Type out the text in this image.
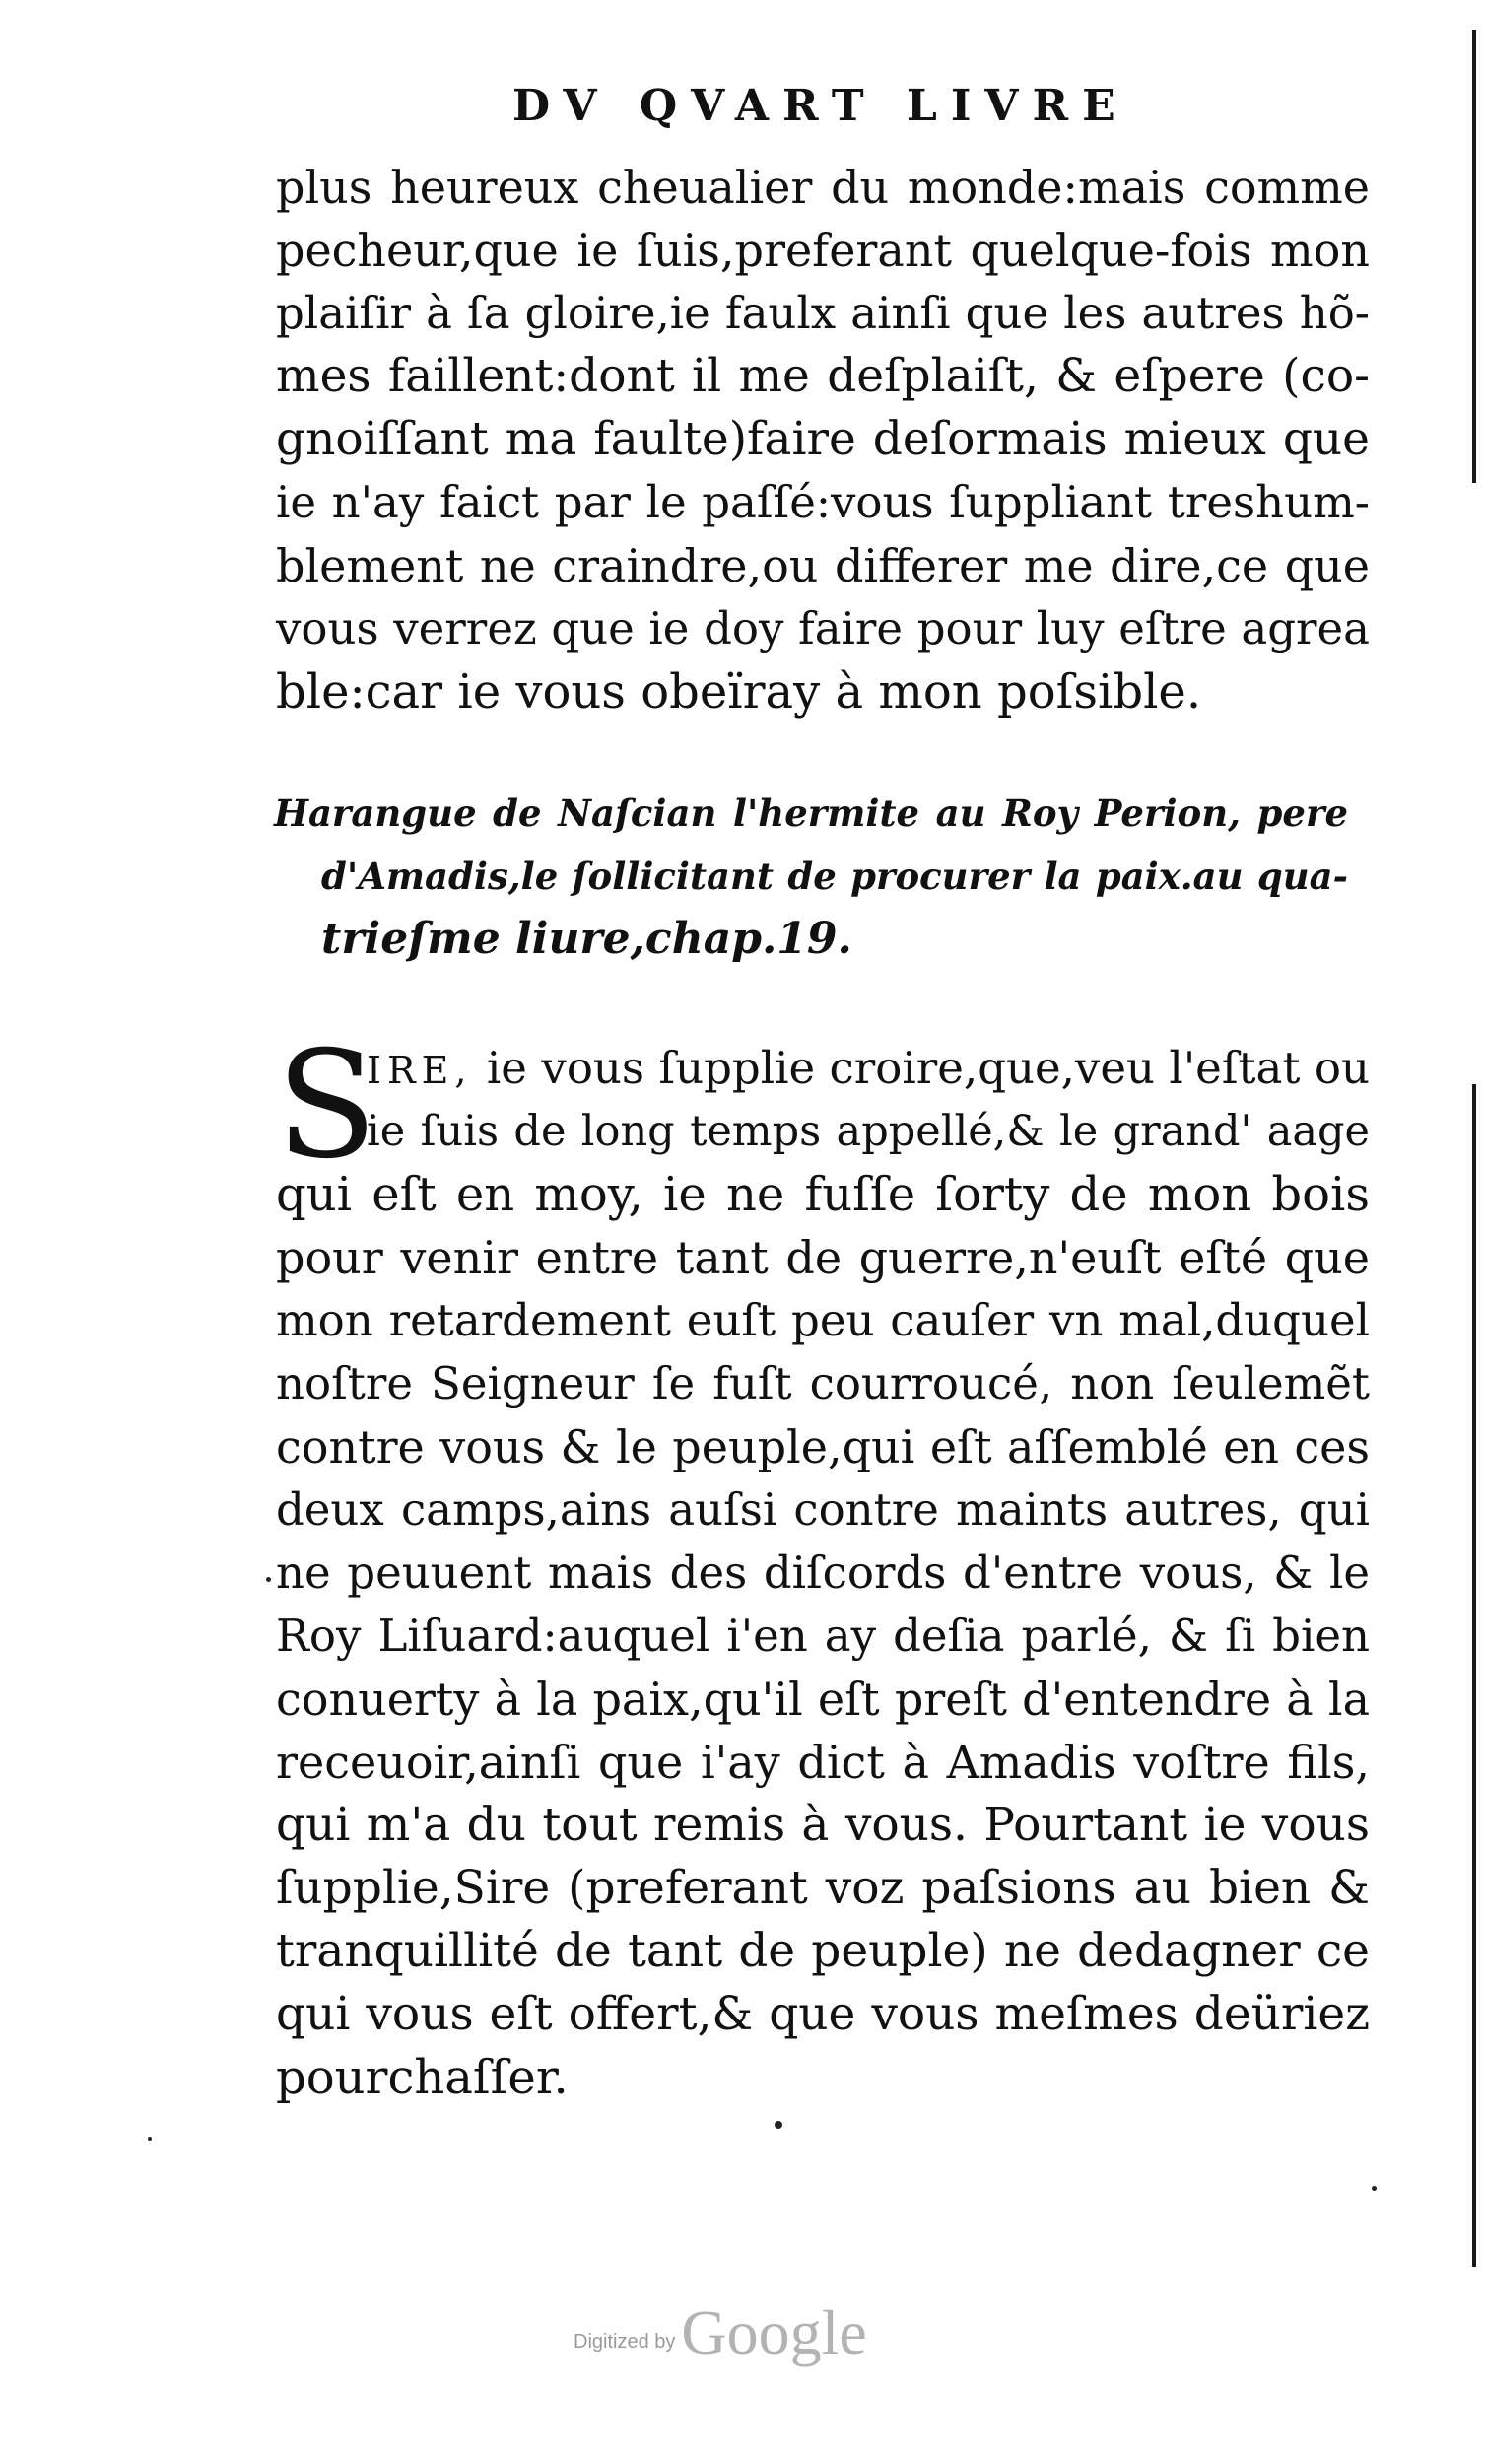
DV QVART LIVRE
plus heureux cheualier du monde:mais comme
pecheur,que ie ſuis,preferant quelque-fois mon
plaiſir à ſa gloire,ie faulx ainſi que les autres hõ-
mes faillent:dont il me deſplaiſt, & eſpere (co-
gnoiſſant ma faulte)faire deſormais mieux que
ie n'ay faict par le paſſé:vous ſuppliant treshum-
blement ne craindre,ou differer me dire,ce que
vous verrez que ie doy faire pour luy eſtre agrea
ble:car ie vous obeïray à mon poſsible.
Harangue de Naſcian l'hermite au Roy Perion, pere
d'Amadis,le ſollicitant de procurer la paix.au qua-
trieſme liure,chap.19.
S
IRE, ie vous ſupplie croire,que,veu l'eſtat ou
ie ſuis de long temps appellé,& le grand' aage
qui eſt en moy, ie ne fuſſe ſorty de mon bois
pour venir entre tant de guerre,n'euſt eſté que
mon retardement euſt peu cauſer vn mal,duquel
noſtre Seigneur ſe fuſt courroucé, non ſeulemẽt
contre vous & le peuple,qui eſt aſſemblé en ces
deux camps,ains auſsi contre maints autres, qui
ne peuuent mais des diſcords d'entre vous, & le
Roy Liſuard:auquel i'en ay deſia parlé, & ſi bien
conuerty à la paix,qu'il eſt preſt d'entendre à la
receuoir,ainſi que i'ay dict à Amadis voſtre fils,
qui m'a du tout remis à vous. Pourtant ie vous
ſupplie,Sire (preferant voz paſsions au bien &
tranquillité de tant de peuple) ne dedagner ce
qui vous eſt offert,& que vous meſmes deüriez
pourchaſſer.
Digitized byGoogle
